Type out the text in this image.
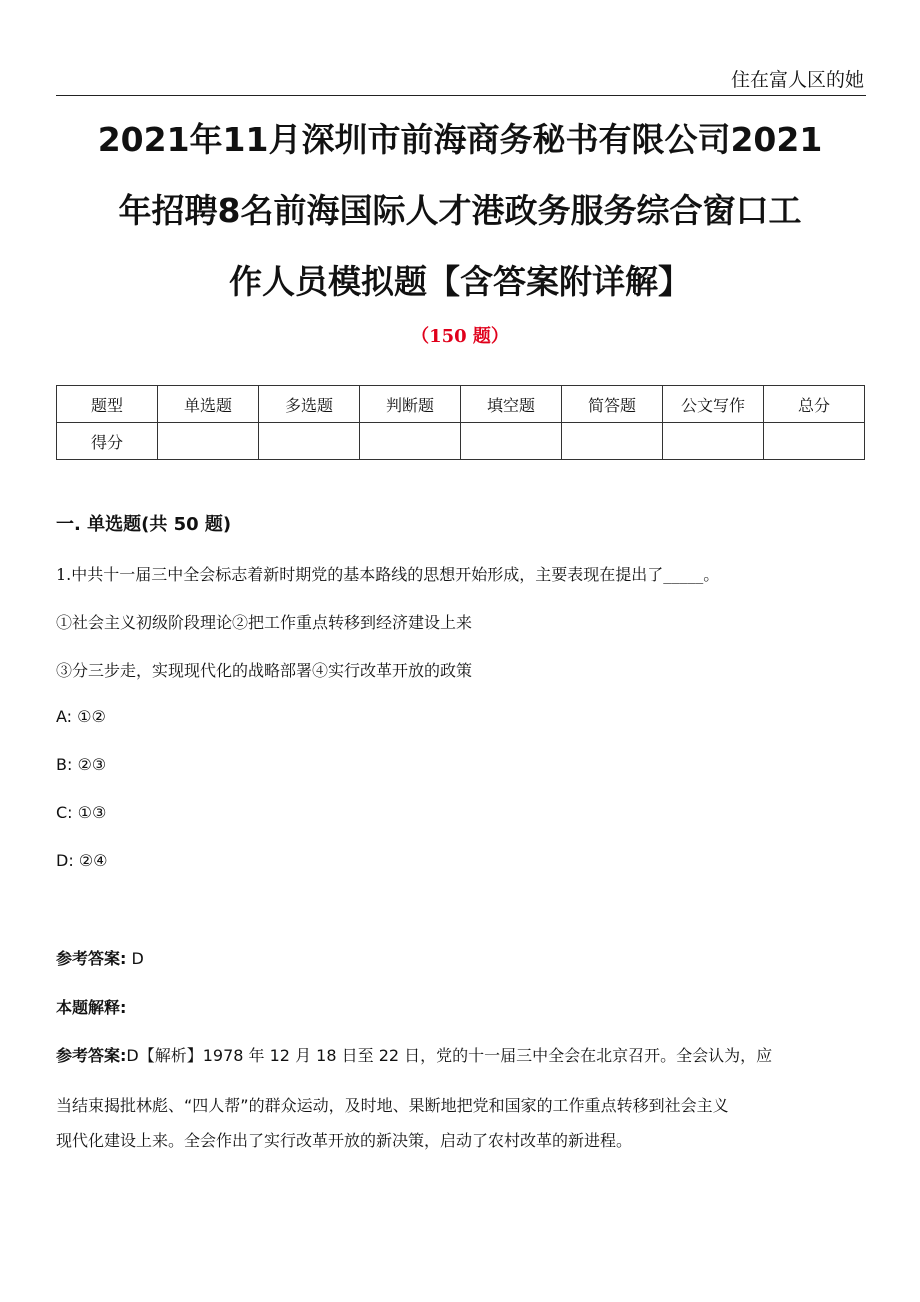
住在富人区的她
2021年11月深圳市前海商务秘书有限公司2021
年招聘8名前海国际人才港政务服务综合窗口工
作人员模拟题【含答案附详解】
（150 题）
题型	单选题	多选题	判断题	填空题	简答题	公文写作	总分
得分							
一. 单选题(共 50 题)
1.中共十一届三中全会标志着新时期党的基本路线的思想开始形成，主要表现在提出了_____。
①社会主义初级阶段理论②把工作重点转移到经济建设上来
③分三步走，实现现代化的战略部署④实行改革开放的政策
A: ①②
B: ②③
C: ①③
D: ②④
参考答案: D
本题解释:
参考答案:D【解析】1978 年 12 月 18 日至 22 日，党的十一届三中全会在北京召开。全会认为，应
当结束揭批林彪、“四人帮”的群众运动，及时地、果断地把党和国家的工作重点转移到社会主义
现代化建设上来。全会作出了实行改革开放的新决策，启动了农村改革的新进程。
